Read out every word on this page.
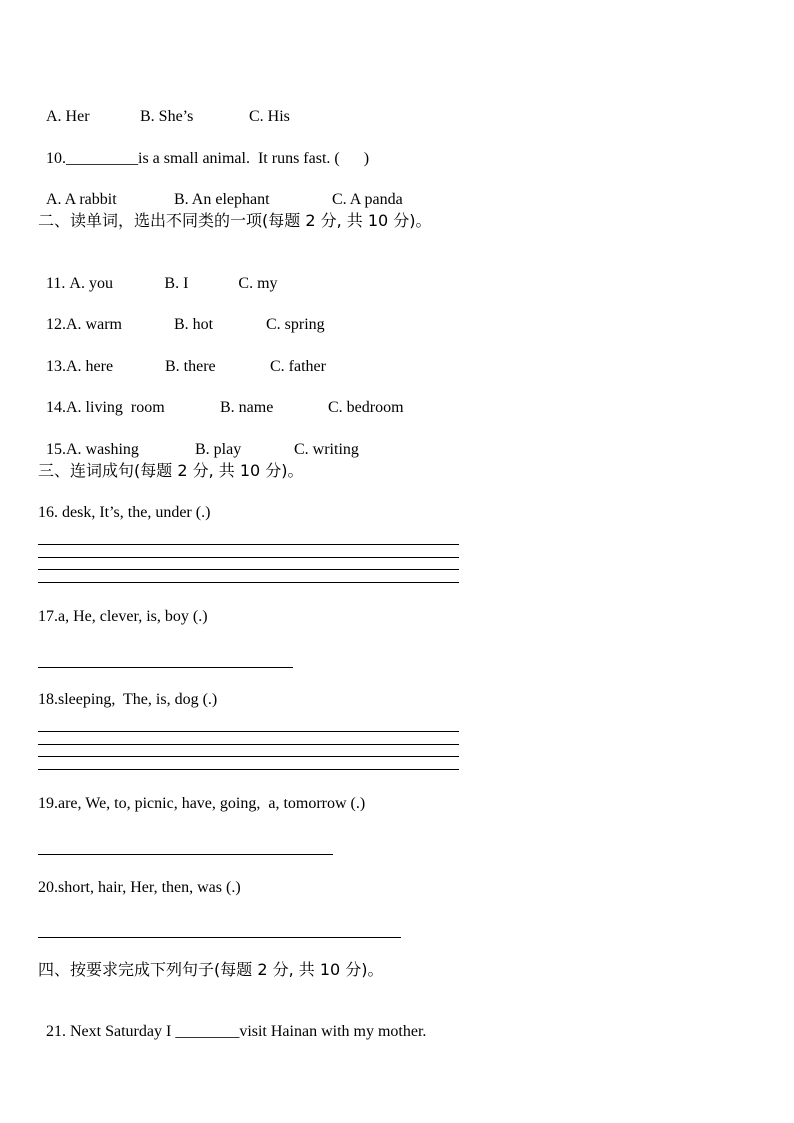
A. Her	B. She’s	C. His

10._________is a small animal.  It runs fast. (      )

A. A rabbit	B. An elephant	C. A panda

二、读单词，选出不同类的一项(每题 2 分, 共 10 分)。

11. A. you	B. I	C. my

12.A. warm	B. hot	C. spring

13.A. here	B. there	C. father

14.A. living  room	B. name	C. bedroom

15.A. washing	B. play	C. writing

三、连词成句(每题 2 分, 共 10 分)。
16. desk, It’s, the, under (.)
17.a, He, clever, is, boy (.)
18.sleeping,  The, is, dog (.)
19.are, We, to, picnic, have, going,  a, tomorrow (.)
20.short, hair, Her, then, was (.)
四、按要求完成下列句子(每题 2 分, 共 10 分)。

21. Next Saturday I ________visit Hainan with my mother.
